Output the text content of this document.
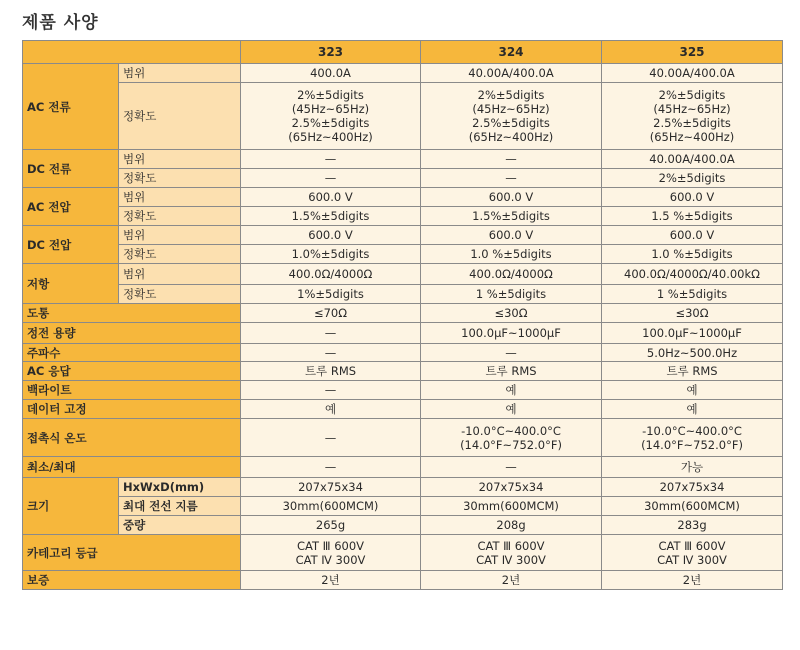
제품 사양
		323	324	325
AC 전류	범위	400.0A	40.00A/400.0A	40.00A/400.0A
	정확도	2%±5digits
(45Hz~65Hz)
2.5%±5digits
(65Hz~400Hz)	2%±5digits
(45Hz~65Hz)
2.5%±5digits
(65Hz~400Hz)	2%±5digits
(45Hz~65Hz)
2.5%±5digits
(65Hz~400Hz)
DC 전류	범위	—	—	40.00A/400.0A
	정확도	—	—	2%±5digits
AC 전압	범위	600.0 V	600.0 V	600.0 V
	정확도	1.5%±5digits	1.5%±5digits	1.5 %±5digits
DC 전압	범위	600.0 V	600.0 V	600.0 V
	정확도	1.0%±5digits	1.0 %±5digits	1.0 %±5digits
저항	범위	400.0Ω/4000Ω	400.0Ω/4000Ω	400.0Ω/4000Ω/40.00kΩ
	정확도	1%±5digits	1 %±5digits	1 %±5digits
도통		≤70Ω	≤30Ω	≤30Ω
정전 용량		—	100.0μF~1000μF	100.0μF~1000μF
주파수		—	—	5.0Hz~500.0Hz
AC 응답		트루 RMS	트루 RMS	트루 RMS
백라이트		—	예	예
데이터 고정		예	예	예
접촉식 온도		—	-10.0°C~400.0°C
(14.0°F~752.0°F)	-10.0°C~400.0°C
(14.0°F~752.0°F)
최소/최대		—	—	가능
크기	HxWxD(mm)	207x75x34	207x75x34	207x75x34
	최대 전선 지름	30mm(600MCM)	30mm(600MCM)	30mm(600MCM)
	중량	265g	208g	283g
카테고리 등급		CAT Ⅲ 600V
CAT Ⅳ 300V	CAT Ⅲ 600V
CAT Ⅳ 300V	CAT Ⅲ 600V
CAT Ⅳ 300V
보증		2년	2년	2년
